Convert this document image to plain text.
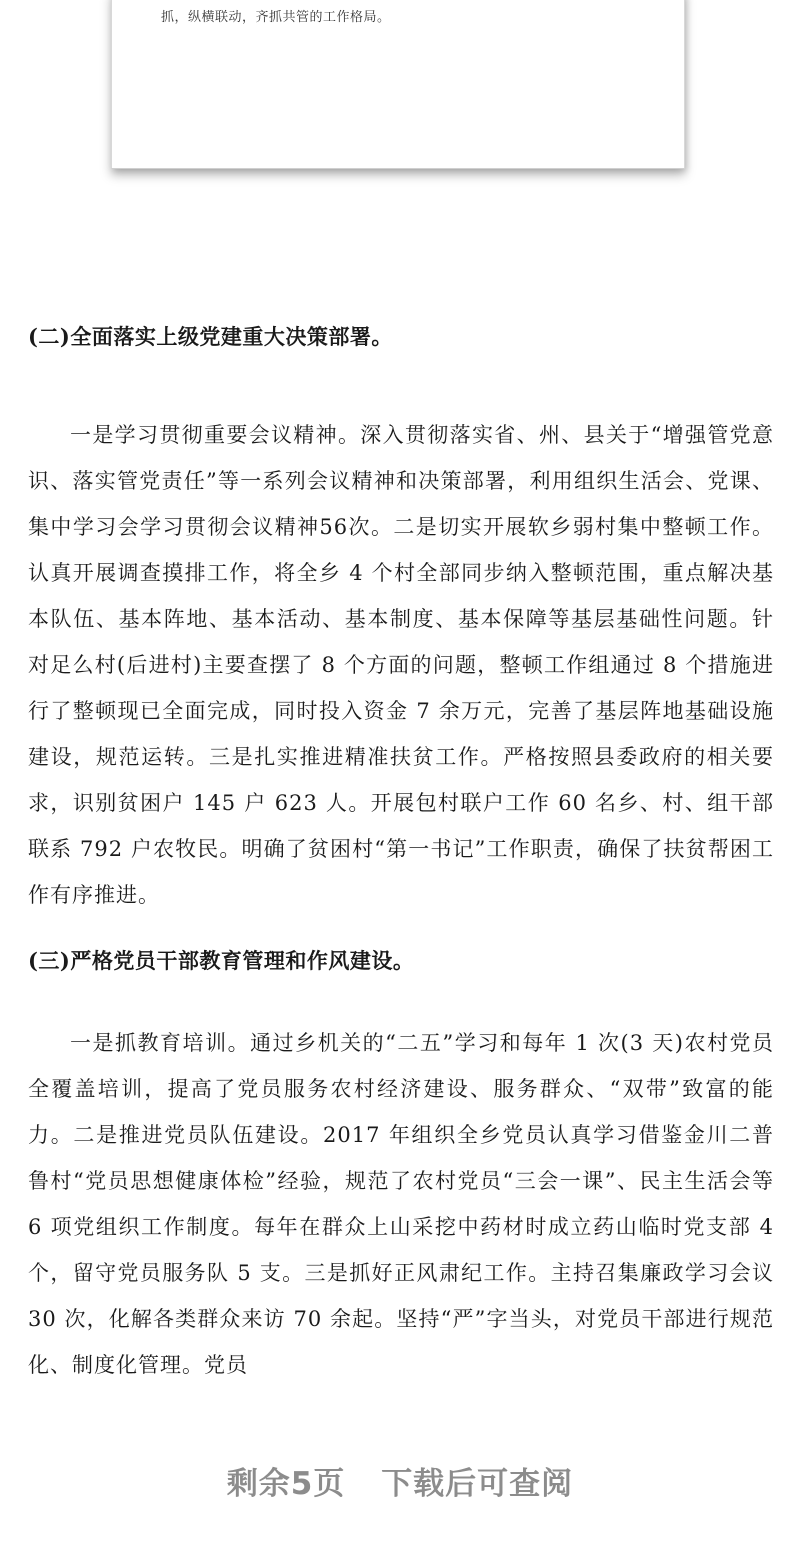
抓，纵横联动，齐抓共管的工作格局。
(二)全面落实上级党建重大决策部署。

一是学习贯彻重要会议精神。深入贯彻落实省、州、县关于“增强管党意识、落实管党责任”等一系列会议精神和决策部署，利用组织生活会、党课、集中学习会学习贯彻会议精神56次。二是切实开展软乡弱村集中整顿工作。认真开展调查摸排工作，将全乡 4 个村全部同步纳入整顿范围，重点解决基本队伍、基本阵地、基本活动、基本制度、基本保障等基层基础性问题。针对足么村(后进村)主要查摆了 8 个方面的问题，整顿工作组通过 8 个措施进行了整顿现已全面完成，同时投入资金 7 余万元，完善了基层阵地基础设施建设，规范运转。三是扎实推进精准扶贫工作。严格按照县委政府的相关要求，识别贫困户 145 户 623 人。开展包村联户工作 60 名乡、村、组干部联系 792 户农牧民。明确了贫困村“第一书记”工作职责，确保了扶贫帮困工作有序推进。

(三)严格党员干部教育管理和作风建设。

一是抓教育培训。通过乡机关的“二五”学习和每年 1 次(3 天)农村党员全覆盖培训，提高了党员服务农村经济建设、服务群众、“双带”致富的能力。二是推进党员队伍建设。2017 年组织全乡党员认真学习借鉴金川二普鲁村“党员思想健康体检”经验，规范了农村党员“三会一课”、民主生活会等 6 项党组织工作制度。每年在群众上山采挖中药材时成立药山临时党支部 4 个，留守党员服务队 5 支。三是抓好正风肃纪工作。主持召集廉政学习会议 30 次，化解各类群众来访 70 余起。坚持“严”字当头，对党员干部进行规范化、制度化管理。党员

剩余5页 下载后可查阅
